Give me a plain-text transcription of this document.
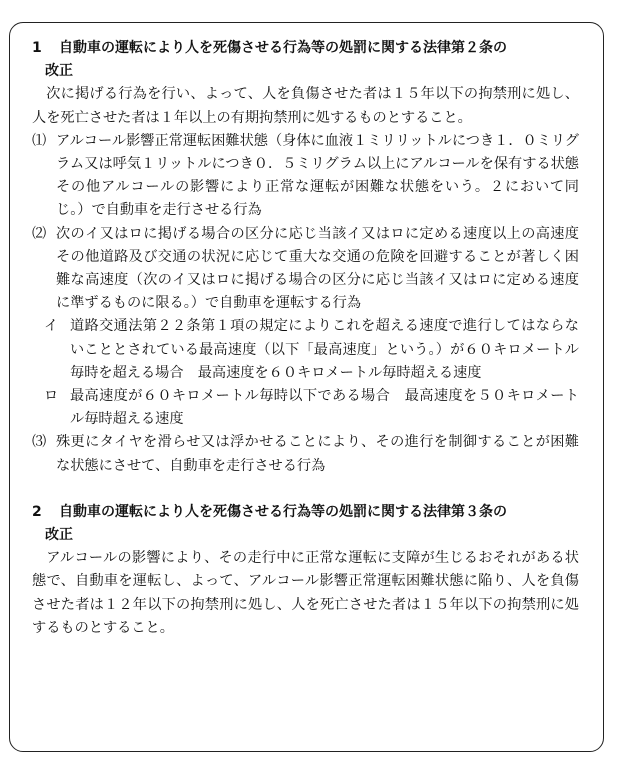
1 自動車の運転により人を死傷させる行為等の処罰に関する法律第２条の
改正

次に掲げる行為を行い、よって、人を負傷させた者は１５年以下の拘禁刑に処し、人を死亡させた者は１年以上の有期拘禁刑に処するものとすること。

⑴ アルコール影響正常運転困難状態（身体に血液１ミリリットルにつき１．０ミリグラム又は呼気１リットルにつき０．５ミリグラム以上にアルコールを保有する状態その他アルコールの影響により正常な運転が困難な状態をいう。２において同じ。）で自動車を走行させる行為
⑵ 次のイ又はロに掲げる場合の区分に応じ当該イ又はロに定める速度以上の高速度その他道路及び交通の状況に応じて重大な交通の危険を回避することが著しく困難な高速度（次のイ又はロに掲げる場合の区分に応じ当該イ又はロに定める速度に準ずるものに限る。）で自動車を運転する行為
イ 道路交通法第２２条第１項の規定によりこれを超える速度で進行してはならないこととされている最高速度（以下「最高速度」という。）が６０キロメートル毎時を超える場合　最高速度を６０キロメートル毎時超える速度
ロ 最高速度が６０キロメートル毎時以下である場合　最高速度を５０キロメートル毎時超える速度
⑶ 殊更にタイヤを滑らせ又は浮かせることにより、その進行を制御することが困難な状態にさせて、自動車を走行させる行為
2 自動車の運転により人を死傷させる行為等の処罰に関する法律第３条の
改正

アルコールの影響により、その走行中に正常な運転に支障が生じるおそれがある状態で、自動車を運転し、よって、アルコール影響正常運転困難状態に陥り、人を負傷させた者は１２年以下の拘禁刑に処し、人を死亡させた者は１５年以下の拘禁刑に処するものとすること。
